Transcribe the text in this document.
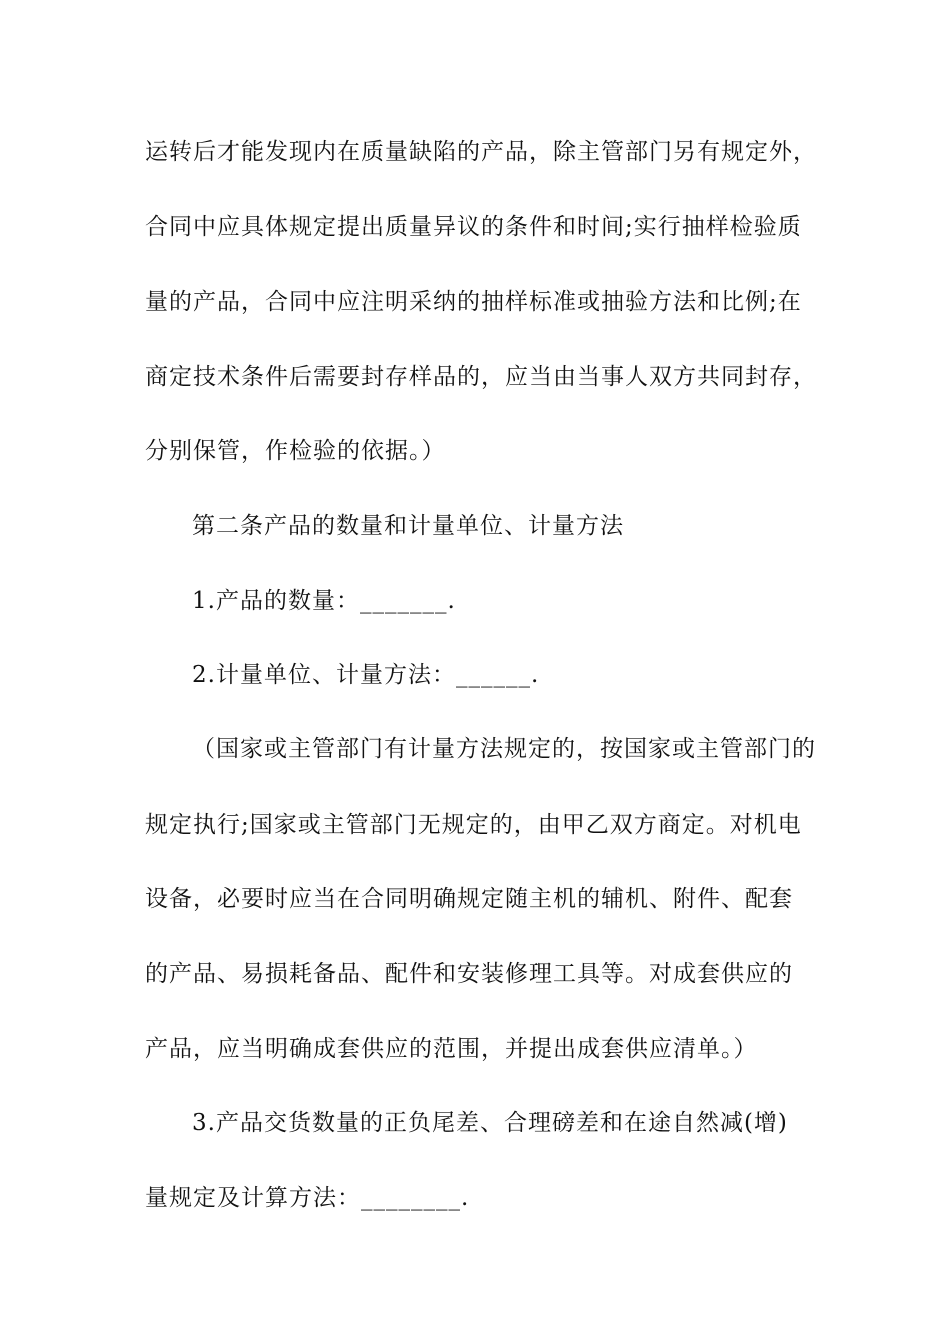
运转后才能发现内在质量缺陷的产品，除主管部门另有规定外，
合同中应具体规定提出质量异议的条件和时间;实行抽样检验质
量的产品，合同中应注明采纳的抽样标准或抽验方法和比例;在
商定技术条件后需要封存样品的，应当由当事人双方共同封存，
分别保管，作检验的依据。）
第二条产品的数量和计量单位、计量方法
1.产品的数量：_______.
2.计量单位、计量方法：______.
（国家或主管部门有计量方法规定的，按国家或主管部门的
规定执行;国家或主管部门无规定的，由甲乙双方商定。对机电
设备，必要时应当在合同明确规定随主机的辅机、附件、配套
的产品、易损耗备品、配件和安装修理工具等。对成套供应的
产品，应当明确成套供应的范围，并提出成套供应清单。）
3.产品交货数量的正负尾差、合理磅差和在途自然减(增)
量规定及计算方法：________.
